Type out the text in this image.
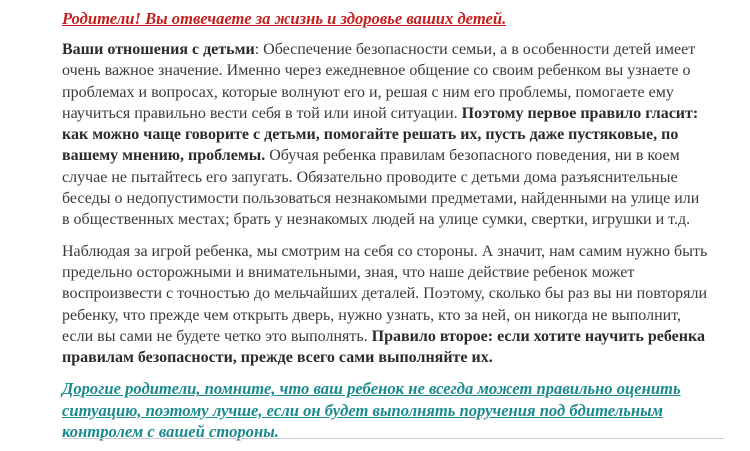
Родители! Вы отвечаете за жизнь и здоровье ваших детей.

Ваши отношения с детьми: Обеспечение безопасности семьи, а в особенности детей имеет очень важное значение. Именно через ежедневное общение со своим ребенком вы узнаете о проблемах и вопросах, которые волнуют его и, решая с ним его проблемы, помогаете ему научиться правильно вести себя в той или иной ситуации. Поэтому первое правило гласит: как можно чаще говорите с детьми, помогайте решать их, пусть даже пустяковые, по вашему мнению, проблемы. Обучая ребенка правилам безопасного поведения, ни в коем случае не пытайтесь его запугать. Обязательно проводите с детьми дома разъяснительные беседы о недопустимости пользоваться незнакомыми предметами, найденными на улице или в общественных местах; брать у незнакомых людей на улице сумки, свертки, игрушки и т.д.

Наблюдая за игрой ребенка, мы смотрим на себя со стороны. А значит, нам самим нужно быть предельно осторожными и внимательными, зная, что наше действие ребенок может воспроизвести с точностью до мельчайших деталей. Поэтому, сколько бы раз вы ни повторяли ребенку, что прежде чем открыть дверь, нужно узнать, кто за ней, он никогда не выполнит, если вы сами не будете четко это выполнять. Правило второе: если хотите научить ребенка правилам безопасности, прежде всего сами выполняйте их.

Дорогие родители, помните, что ваш ребенок не всегда может правильно оценить ситуацию, поэтому лучше, если он будет выполнять поручения под бдительным контролем с вашей стороны.
